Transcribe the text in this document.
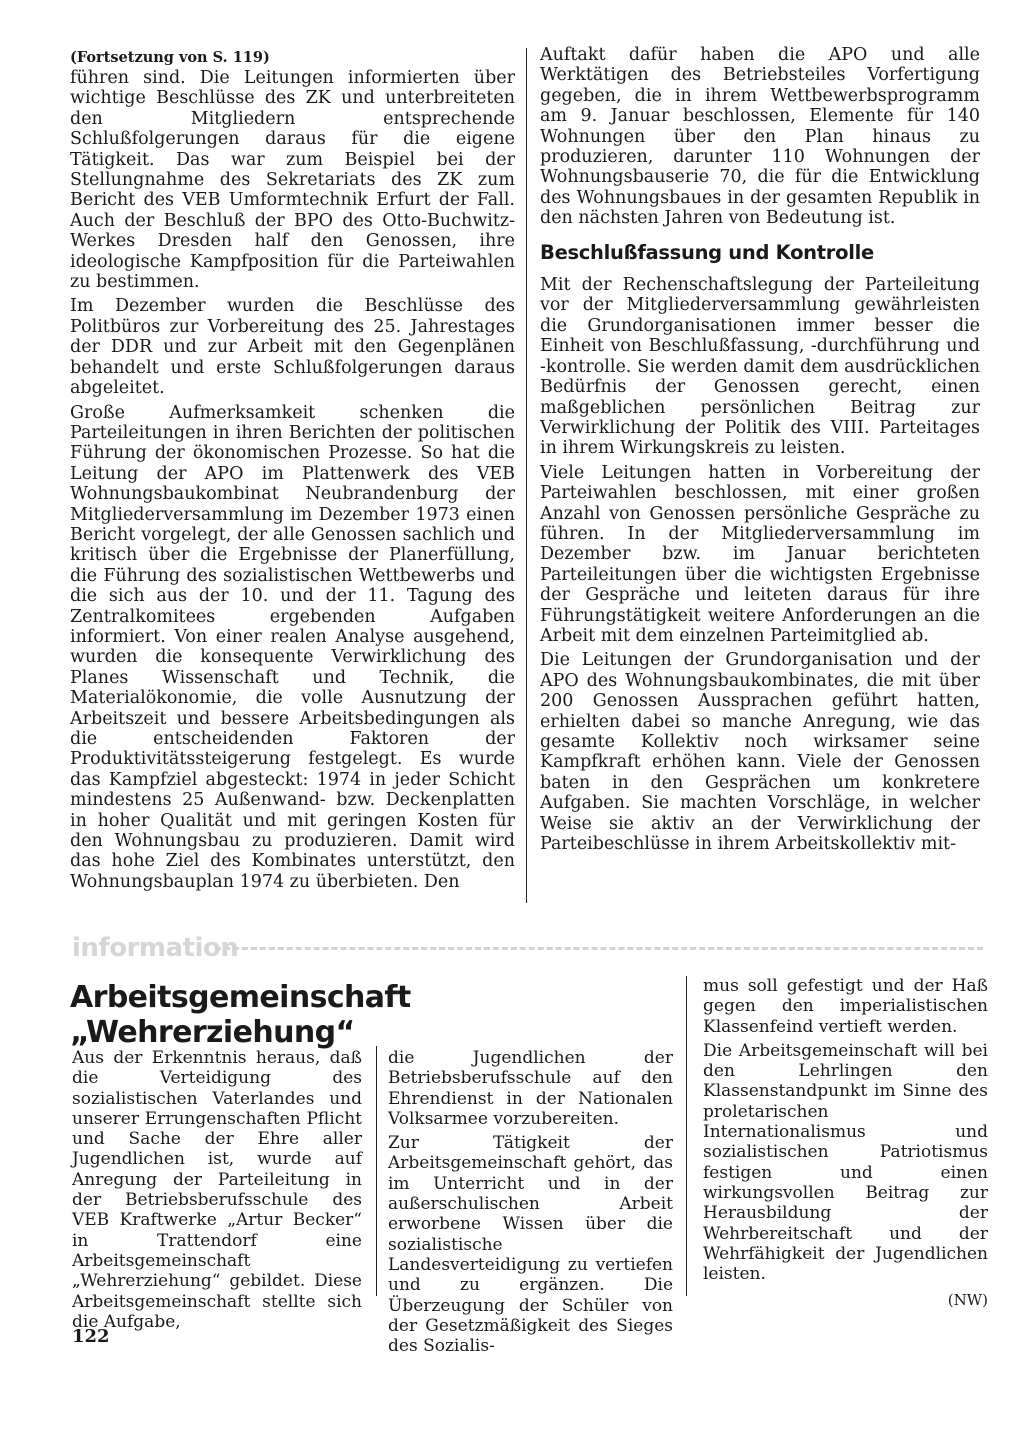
(Fortsetzung von S. 119)

führen sind. Die Leitungen informierten über wichtige Beschlüsse des ZK und unterbreiteten den Mitgliedern entsprechende Schlußfolgerungen daraus für die eigene Tätigkeit. Das war zum Beispiel bei der Stellungnahme des Sekretariats des ZK zum Bericht des VEB Umformtechnik Erfurt der Fall. Auch der Beschluß der BPO des Otto-Buchwitz-Werkes Dresden half den Genossen, ihre ideologische Kampfposition für die Parteiwahlen zu bestimmen.

Im Dezember wurden die Beschlüsse des Politbüros zur Vorbereitung des 25. Jahrestages der DDR und zur Arbeit mit den Gegenplänen behandelt und erste Schlußfolgerungen daraus abgeleitet.

Große Aufmerksamkeit schenken die Parteileitungen in ihren Berichten der politischen Führung der ökonomischen Prozesse. So hat die Leitung der APO im Plattenwerk des VEB Wohnungsbaukombinat Neubrandenburg der Mitgliederversammlung im Dezember 1973 einen Bericht vorgelegt, der alle Genossen sachlich und kritisch über die Ergebnisse der Planerfüllung, die Führung des sozialistischen Wettbewerbs und die sich aus der 10. und der 11. Tagung des Zentralkomitees ergebenden Aufgaben informiert. Von einer realen Analyse ausgehend, wurden die konsequente Verwirklichung des Planes Wissenschaft und Technik, die Materialökonomie, die volle Ausnutzung der Arbeitszeit und bessere Arbeitsbedingungen als die entscheidenden Faktoren der Produktivitätssteigerung festgelegt. Es wurde das Kampfziel abgesteckt: 1974 in jeder Schicht mindestens 25 Außenwand- bzw. Deckenplatten in hoher Qualität und mit geringen Kosten für den Wohnungsbau zu produzieren. Damit wird das hohe Ziel des Kombinates unterstützt, den Wohnungsbauplan 1974 zu überbieten. Den

Auftakt dafür haben die APO und alle Werktätigen des Betriebsteiles Vorfertigung gegeben, die in ihrem Wettbewerbsprogramm am 9. Januar beschlossen, Elemente für 140 Wohnungen über den Plan hinaus zu produzieren, darunter 110 Wohnungen der Wohnungsbauserie 70, die für die Entwicklung des Wohnungsbaues in der gesamten Republik in den nächsten Jahren von Bedeutung ist.

Beschlußfassung und Kontrolle

Mit der Rechenschaftslegung der Parteileitung vor der Mitgliederversammlung gewährleisten die Grundorganisationen immer besser die Einheit von Beschlußfassung, -durchführung und -kontrolle. Sie werden damit dem ausdrücklichen Bedürfnis der Genossen gerecht, einen maßgeblichen persönlichen Beitrag zur Verwirklichung der Politik des VIII. Parteitages in ihrem Wirkungskreis zu leisten.

Viele Leitungen hatten in Vorbereitung der Parteiwahlen beschlossen, mit einer großen Anzahl von Genossen persönliche Gespräche zu führen. In der Mitgliederversammlung im Dezember bzw. im Januar berichteten Parteileitungen über die wichtigsten Ergebnisse der Gespräche und leiteten daraus für ihre Führungstätigkeit weitere Anforderungen an die Arbeit mit dem einzelnen Parteimitglied ab.

Die Leitungen der Grundorganisation und der APO des Wohnungsbaukombinates, die mit über 200 Genossen Aussprachen geführt hatten, erhielten dabei so manche Anregung, wie das gesamte Kollektiv noch wirksamer seine Kampfkraft erhöhen kann. Viele der Genossen baten in den Gesprächen um konkretere Aufgaben. Sie machten Vorschläge, in welcher Weise sie aktiv an der Verwirklichung der Parteibeschlüsse in ihrem Arbeitskollektiv mit-

information
Arbeitsgemeinschaft „Wehrerziehung“

Aus der Erkenntnis heraus, daß die Verteidigung des sozialistischen Vaterlandes und unserer Errungenschaften Pflicht und Sache der Ehre aller Jugendlichen ist, wurde auf Anregung der Parteileitung in der Betriebsberufsschule des VEB Kraftwerke „Artur Becker“ in Trattendorf eine Arbeitsgemeinschaft „Wehrerziehung“ gebildet. Diese Arbeitsgemeinschaft stellte sich die Aufgabe,

die Jugendlichen der Betriebsberufsschule auf den Ehrendienst in der Nationalen Volksarmee vorzubereiten.

Zur Tätigkeit der Arbeitsgemeinschaft gehört, das im Unterricht und in der außerschulischen Arbeit erworbene Wissen über die sozialistische Landesverteidigung zu vertiefen und zu ergänzen. Die Überzeugung der Schüler von der Gesetzmäßigkeit des Sieges des Sozialis-

mus soll gefestigt und der Haß gegen den imperialistischen Klassenfeind vertieft werden.

Die Arbeitsgemeinschaft will bei den Lehrlingen den Klassenstandpunkt im Sinne des proletarischen Internationalismus und sozialistischen Patriotismus festigen und einen wirkungsvollen Beitrag zur Herausbildung der Wehrbereitschaft und der Wehrfähigkeit der Jugendlichen leisten.

(NW)
122
